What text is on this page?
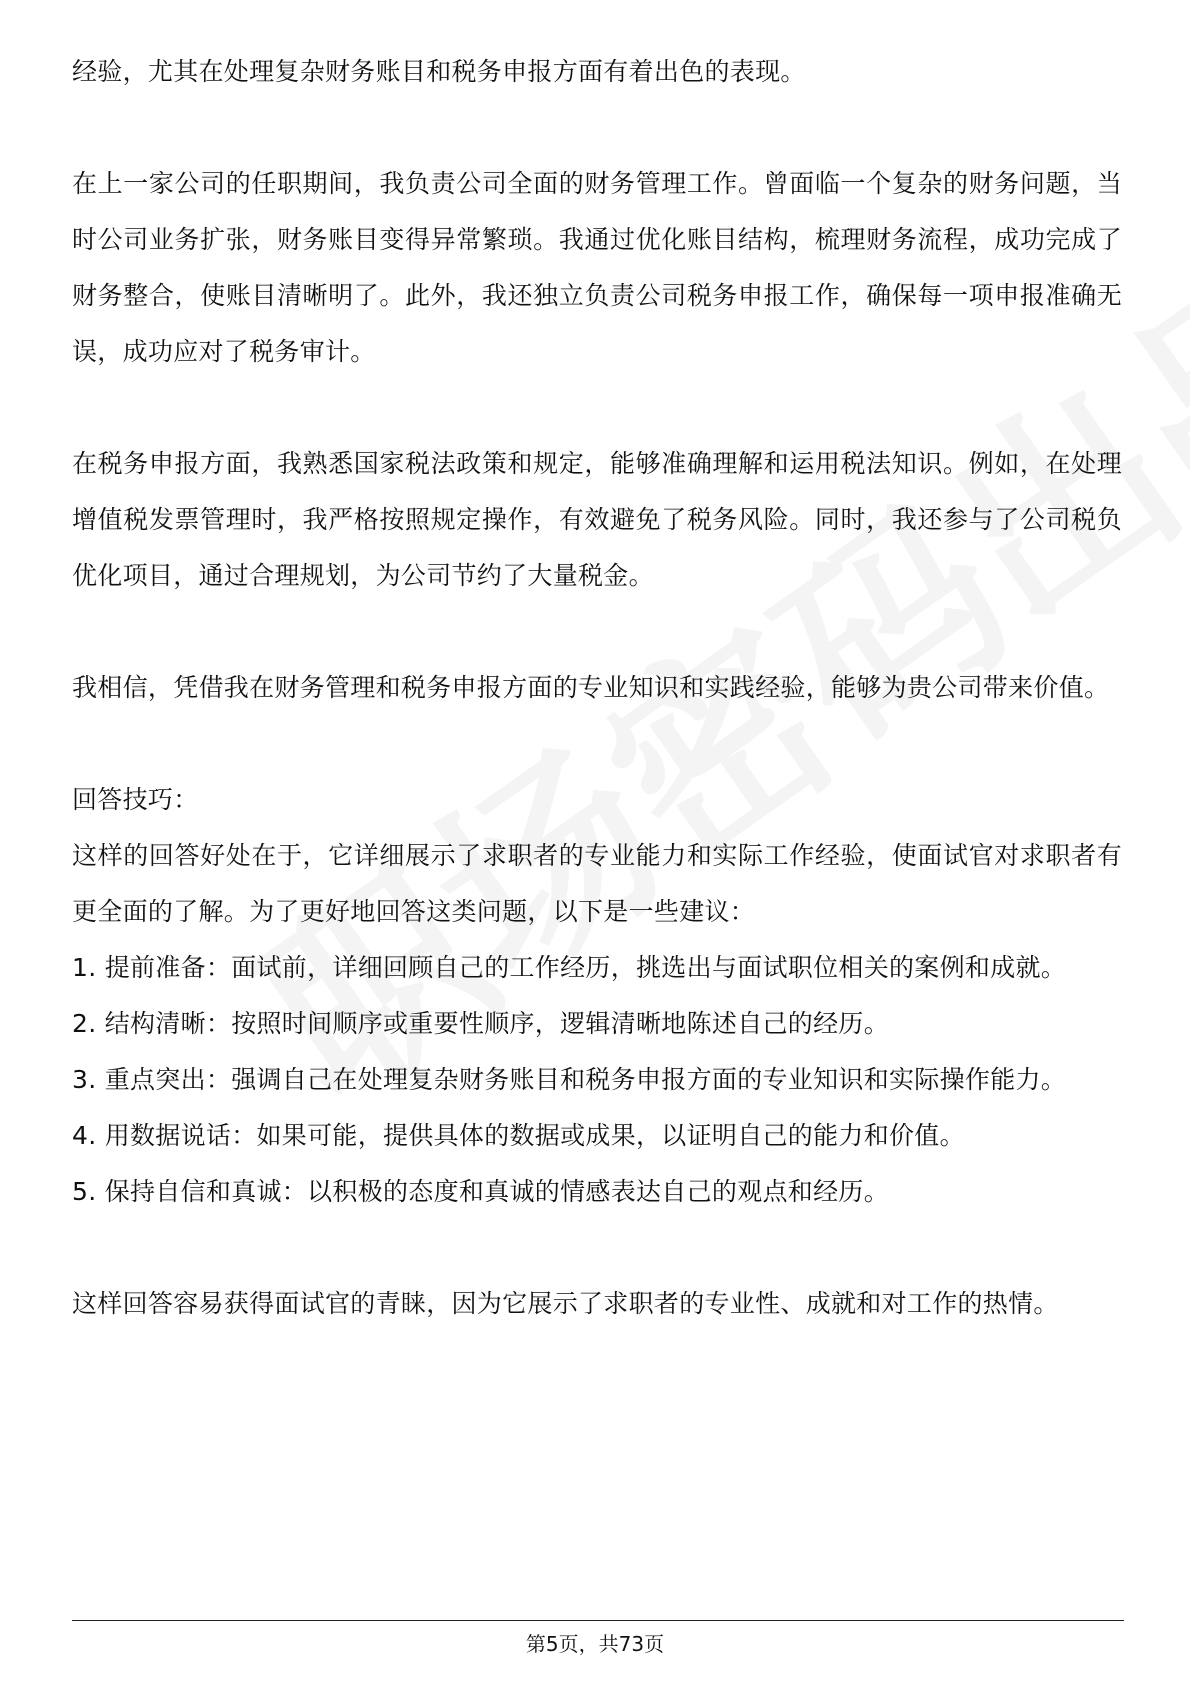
经验，尤其在处理复杂财务账目和税务申报方面有着出色的表现。

在上一家公司的任职期间，我负责公司全面的财务管理工作。曾面临一个复杂的财务问题，当时公司业务扩张，财务账目变得异常繁琐。我通过优化账目结构，梳理财务流程，成功完成了财务整合，使账目清晰明了。此外，我还独立负责公司税务申报工作，确保每一项申报准确无误，成功应对了税务审计。

在税务申报方面，我熟悉国家税法政策和规定，能够准确理解和运用税法知识。例如，在处理增值税发票管理时，我严格按照规定操作，有效避免了税务风险。同时，我还参与了公司税负优化项目，通过合理规划，为公司节约了大量税金。

我相信，凭借我在财务管理和税务申报方面的专业知识和实践经验，能够为贵公司带来价值。

回答技巧：

这样的回答好处在于，它详细展示了求职者的专业能力和实际工作经验，使面试官对求职者有更全面的了解。为了更好地回答这类问题，以下是一些建议：

1. 提前准备：面试前，详细回顾自己的工作经历，挑选出与面试职位相关的案例和成就。

2. 结构清晰：按照时间顺序或重要性顺序，逻辑清晰地陈述自己的经历。

3. 重点突出：强调自己在处理复杂财务账目和税务申报方面的专业知识和实际操作能力。

4. 用数据说话：如果可能，提供具体的数据或成果，以证明自己的能力和价值。

5. 保持自信和真诚：以积极的态度和真诚的情感表达自己的观点和经历。

这样回答容易获得面试官的青睐，因为它展示了求职者的专业性、成就和对工作的热情。

第5页，共73页
